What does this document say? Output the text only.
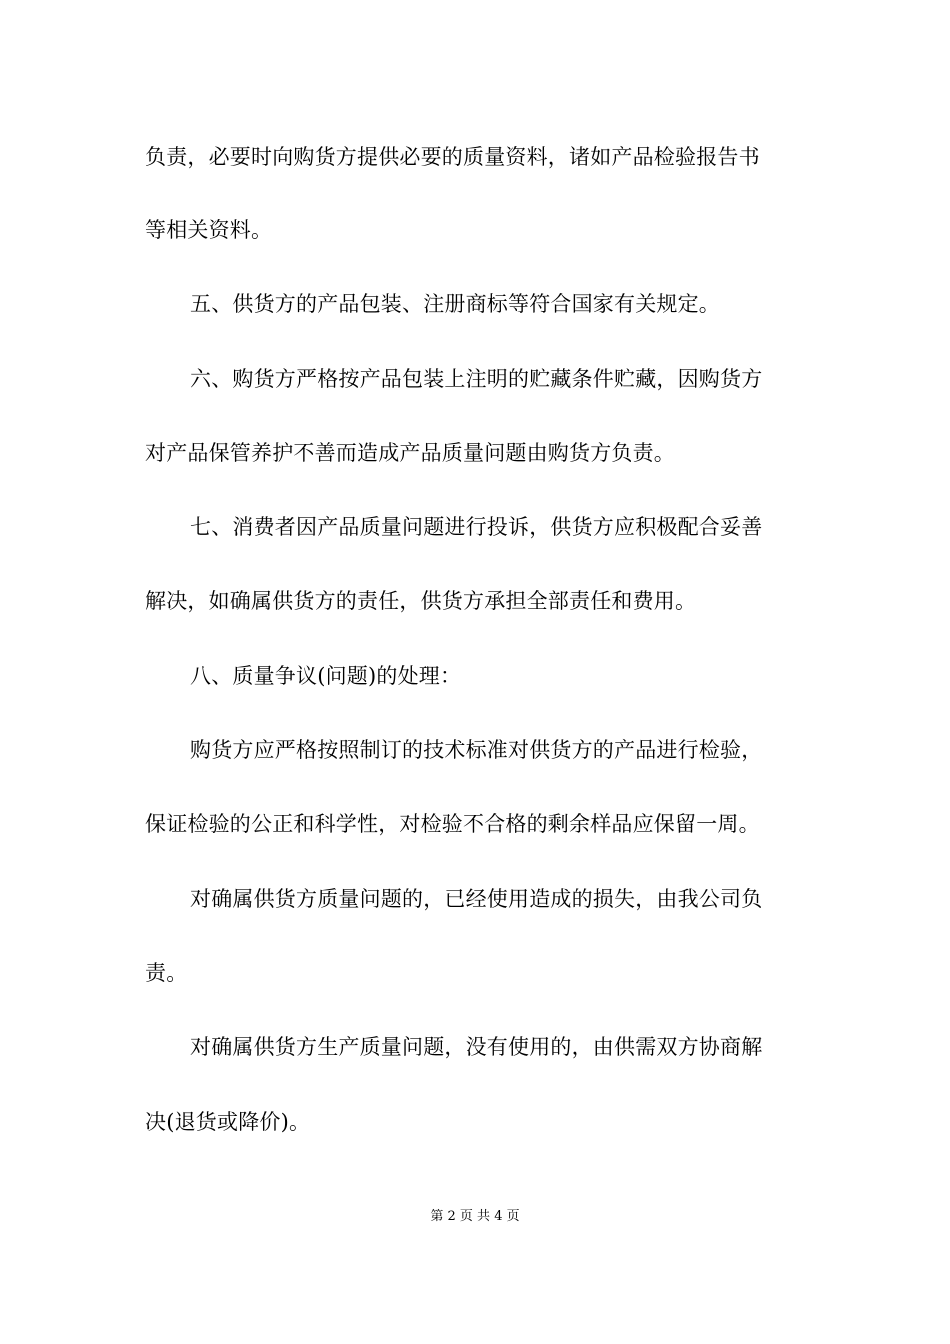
负责，必要时向购货方提供必要的质量资料，诸如产品检验报告书
等相关资料。
五、供货方的产品包装、注册商标等符合国家有关规定。
六、购货方严格按产品包装上注明的贮藏条件贮藏，因购货方
对产品保管养护不善而造成产品质量问题由购货方负责。
七、消费者因产品质量问题进行投诉，供货方应积极配合妥善
解决，如确属供货方的责任，供货方承担全部责任和费用。
八、质量争议(问题)的处理：
购货方应严格按照制订的技术标准对供货方的产品进行检验，
保证检验的公正和科学性，对检验不合格的剩余样品应保留一周。
对确属供货方质量问题的，已经使用造成的损失，由我公司负
责。
对确属供货方生产质量问题，没有使用的，由供需双方协商解
决(退货或降价)。
第 2 页 共 4 页
